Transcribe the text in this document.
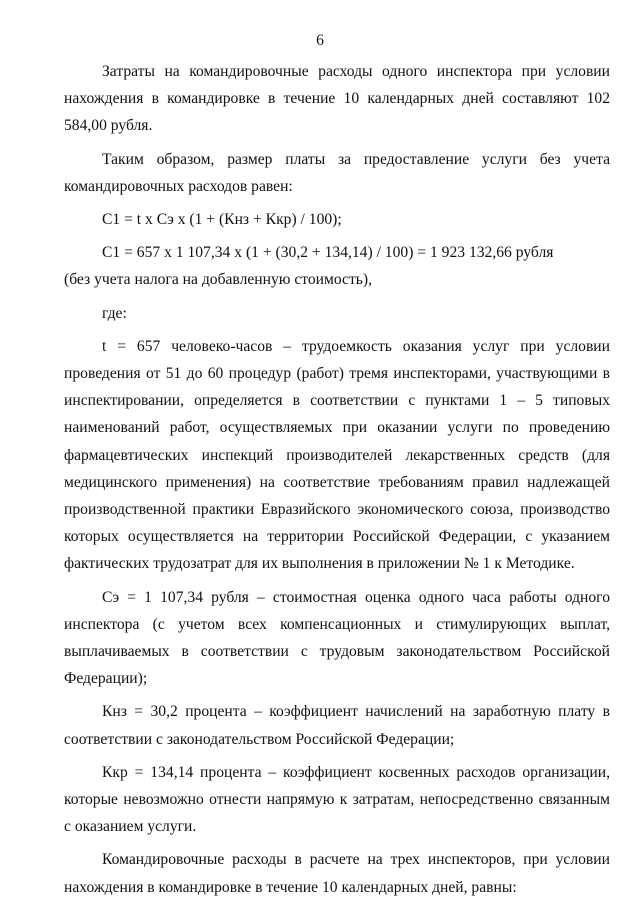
6

Затраты на командировочные расходы одного инспектора при условии нахождения в командировке в течение 10 календарных дней составляют 102 584,00 рубля.

Таким образом, размер платы за предоставление услуги без учета командировочных расходов равен:

C1 = t x Cэ x (1 + (Кнз + Ккр) / 100);

C1 = 657 x 1 107,34 x (1 + (30,2 + 134,14) / 100) = 1 923 132,66 рубля

(без учета налога на добавленную стоимость),

где:

t = 657 человеко-часов – трудоемкость оказания услуг при условии проведения от 51 до 60 процедур (работ) тремя инспекторами, участвующими в инспектировании, определяется в соответствии с пунктами 1 – 5 типовых наименований работ, осуществляемых при оказании услуги по проведению фармацевтических инспекций производителей лекарственных средств (для медицинского применения) на соответствие требованиям правил надлежащей производственной практики Евразийского экономического союза, производство которых осуществляется на территории Российской Федерации, с указанием фактических трудозатрат для их выполнения в приложении № 1 к Методике.

Cэ = 1 107,34 рубля – стоимостная оценка одного часа работы одного инспектора (с учетом всех компенсационных и стимулирующих выплат, выплачиваемых в соответствии с трудовым законодательством Российской Федерации);

Кнз = 30,2 процента – коэффициент начислений на заработную плату в соответствии с законодательством Российской Федерации;

Ккр = 134,14 процента – коэффициент косвенных расходов организации, которые невозможно отнести напрямую к затратам, непосредственно связанным с оказанием услуги.

Командировочные расходы в расчете на трех инспекторов, при условии нахождения в командировке в течение 10 календарных дней, равны:
